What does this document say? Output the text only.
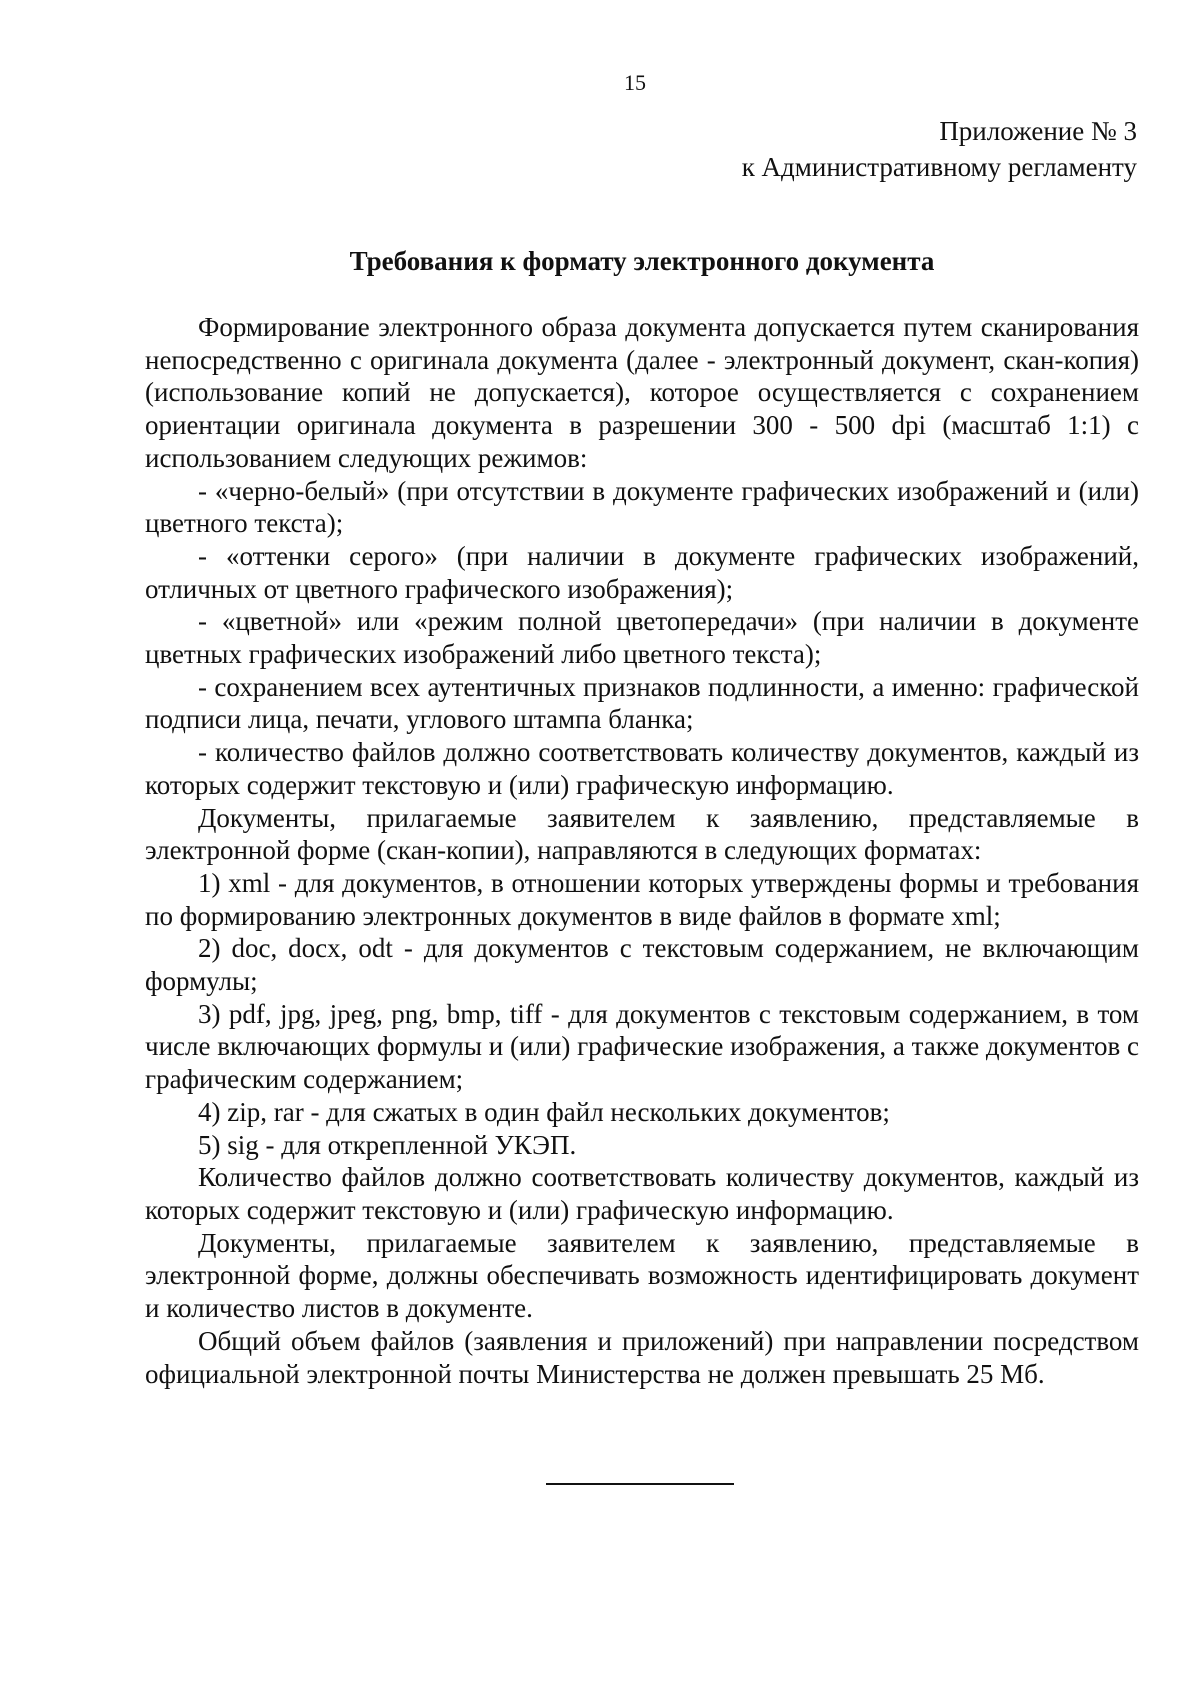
15
Приложение № 3
к Административному регламенту
Требования к формату электронного документа

Формирование электронного образа документа допускается путем сканирования непосредственно с оригинала документа (далее - электронный документ, скан-копия) (использование копий не допускается), которое осуществляется с сохранением ориентации оригинала документа в разрешении 300 - 500 dpi (масштаб 1:1) с использованием следующих режимов:

- «черно-белый» (при отсутствии в документе графических изображений и (или) цветного текста);

- «оттенки серого» (при наличии в документе графических изображений, отличных от цветного графического изображения);

- «цветной» или «режим полной цветопередачи» (при наличии в документе цветных графических изображений либо цветного текста);

- сохранением всех аутентичных признаков подлинности, а именно: графической подписи лица, печати, углового штампа бланка;

- количество файлов должно соответствовать количеству документов, каждый из которых содержит текстовую и (или) графическую информацию.

Документы, прилагаемые заявителем к заявлению, представляемые в электронной форме (скан-копии), направляются в следующих форматах:

1) xml - для документов, в отношении которых утверждены формы и требования по формированию электронных документов в виде файлов в формате xml;

2) doc, docx, odt - для документов с текстовым содержанием, не включающим формулы;

3) pdf, jpg, jpeg, png, bmp, tiff - для документов с текстовым содержанием, в том числе включающих формулы и (или) графические изображения, а также документов с графическим содержанием;

4) zip, rar - для сжатых в один файл нескольких документов;

5) sig - для открепленной УКЭП.

Количество файлов должно соответствовать количеству документов, каждый из которых содержит текстовую и (или) графическую информацию.

Документы, прилагаемые заявителем к заявлению, представляемые в электронной форме, должны обеспечивать возможность идентифицировать документ и количество листов в документе.

Общий объем файлов (заявления и приложений) при направлении посредством официальной электронной почты Министерства не должен превышать 25 Мб.
